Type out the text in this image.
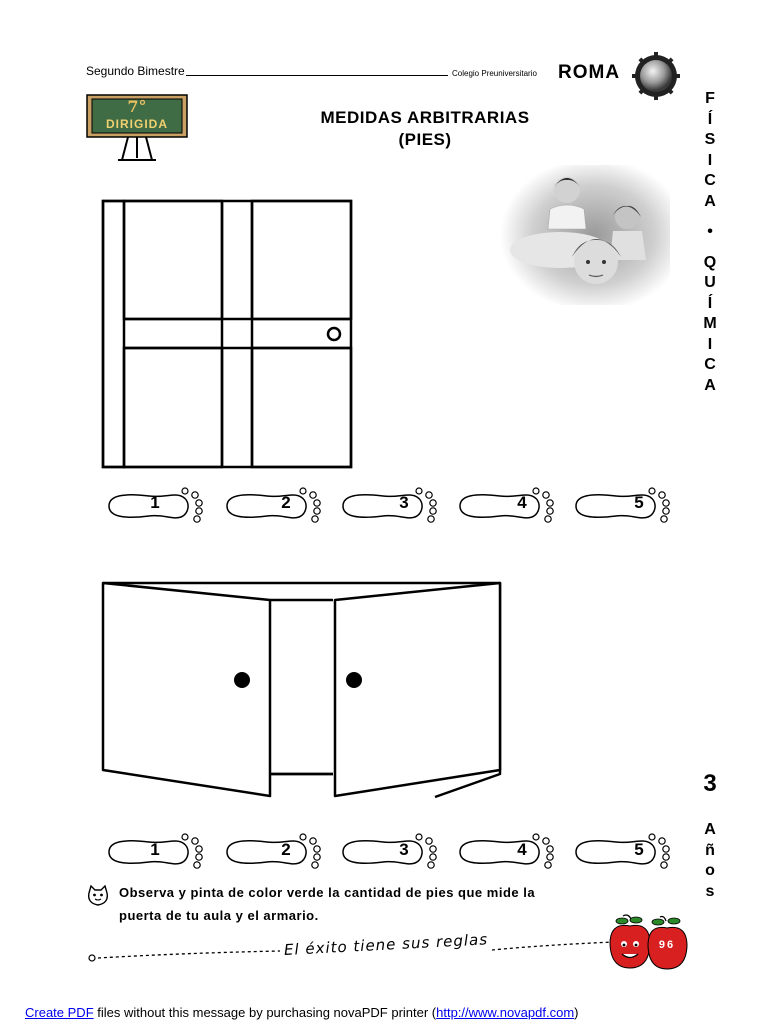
Segundo Bimestre	Colegio Preuniversitario ROMA
7°
DIRIGIDA	MEDIDAS ARBITRARIAS
(PIES)
F
Í
S
I
C
A
•
Q
U
Í
M
I
C
A
3
A
ñ
o
s
1	2	3	4	5
1	2	3	4	5
Observa y pinta de color verde la cantidad de pies que mide la
puerta de tu aula y el armario.
El éxito tiene sus reglas	96
Create PDF files without this message by purchasing novaPDF printer (http://www.novapdf.com)
